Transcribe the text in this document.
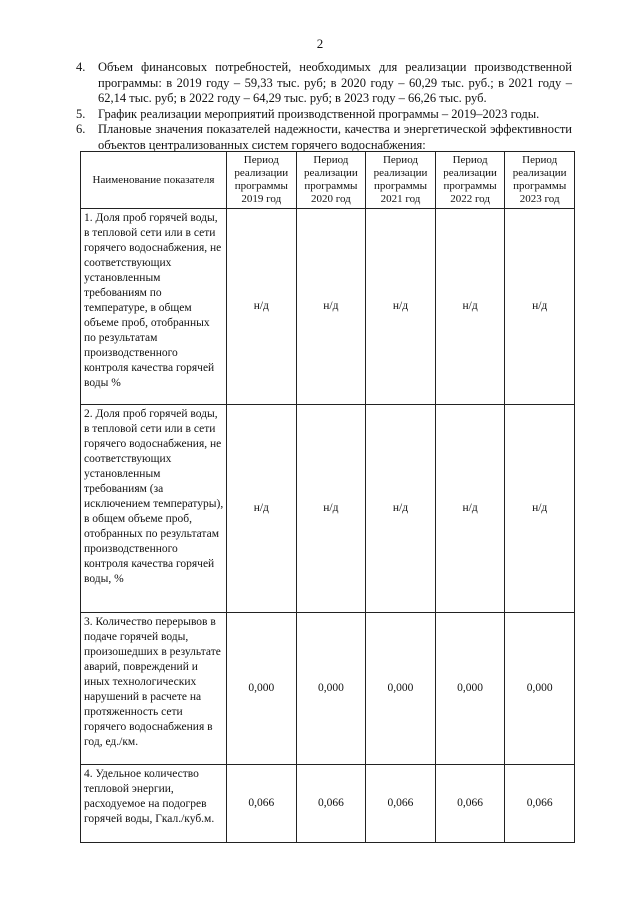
2
4.	Объем финансовых потребностей, необходимых для реализации производственной программы: в 2019 году – 59,33 тыс. руб; в 2020 году – 60,29 тыс. руб.; в 2021 году – 62,14 тыс. руб; в 2022 году – 64,29 тыс. руб; в 2023 году – 66,26 тыс. руб.
5.	График реализации мероприятий производственной программы – 2019–2023 годы.
6.	Плановые значения показателей надежности, качества и энергетической эффективности объектов централизованных систем горячего водоснабжения:
Наименование показателя	Период реализации программы 2019 год	Период реализации программы 2020 год	Период реализации программы 2021 год	Период реализации программы 2022 год	Период реализации программы 2023 год
1. Доля проб горячей воды, в тепловой сети или в сети горячего водоснабжения, не соответствующих установленным требованиям по температуре, в общем объеме проб, отобранных по результатам производственного контроля качества горячей воды %	н/д	н/д	н/д	н/д	н/д
2. Доля проб горячей воды, в тепловой сети или в сети горячего водоснабжения, не соответствующих установленным требованиям (за исключением температуры), в общем объеме проб, отобранных по результатам производственного контроля качества горячей воды, %	н/д	н/д	н/д	н/д	н/д
3. Количество перерывов в подаче горячей воды, произошедших в результате аварий, повреждений и иных технологических нарушений в расчете на протяженность сети горячего водоснабжения в год, ед./км.	0,000	0,000	0,000	0,000	0,000
4. Удельное количество тепловой энергии, расходуемое на подогрев горячей воды, Гкал./куб.м.	0,066	0,066	0,066	0,066	0,066
